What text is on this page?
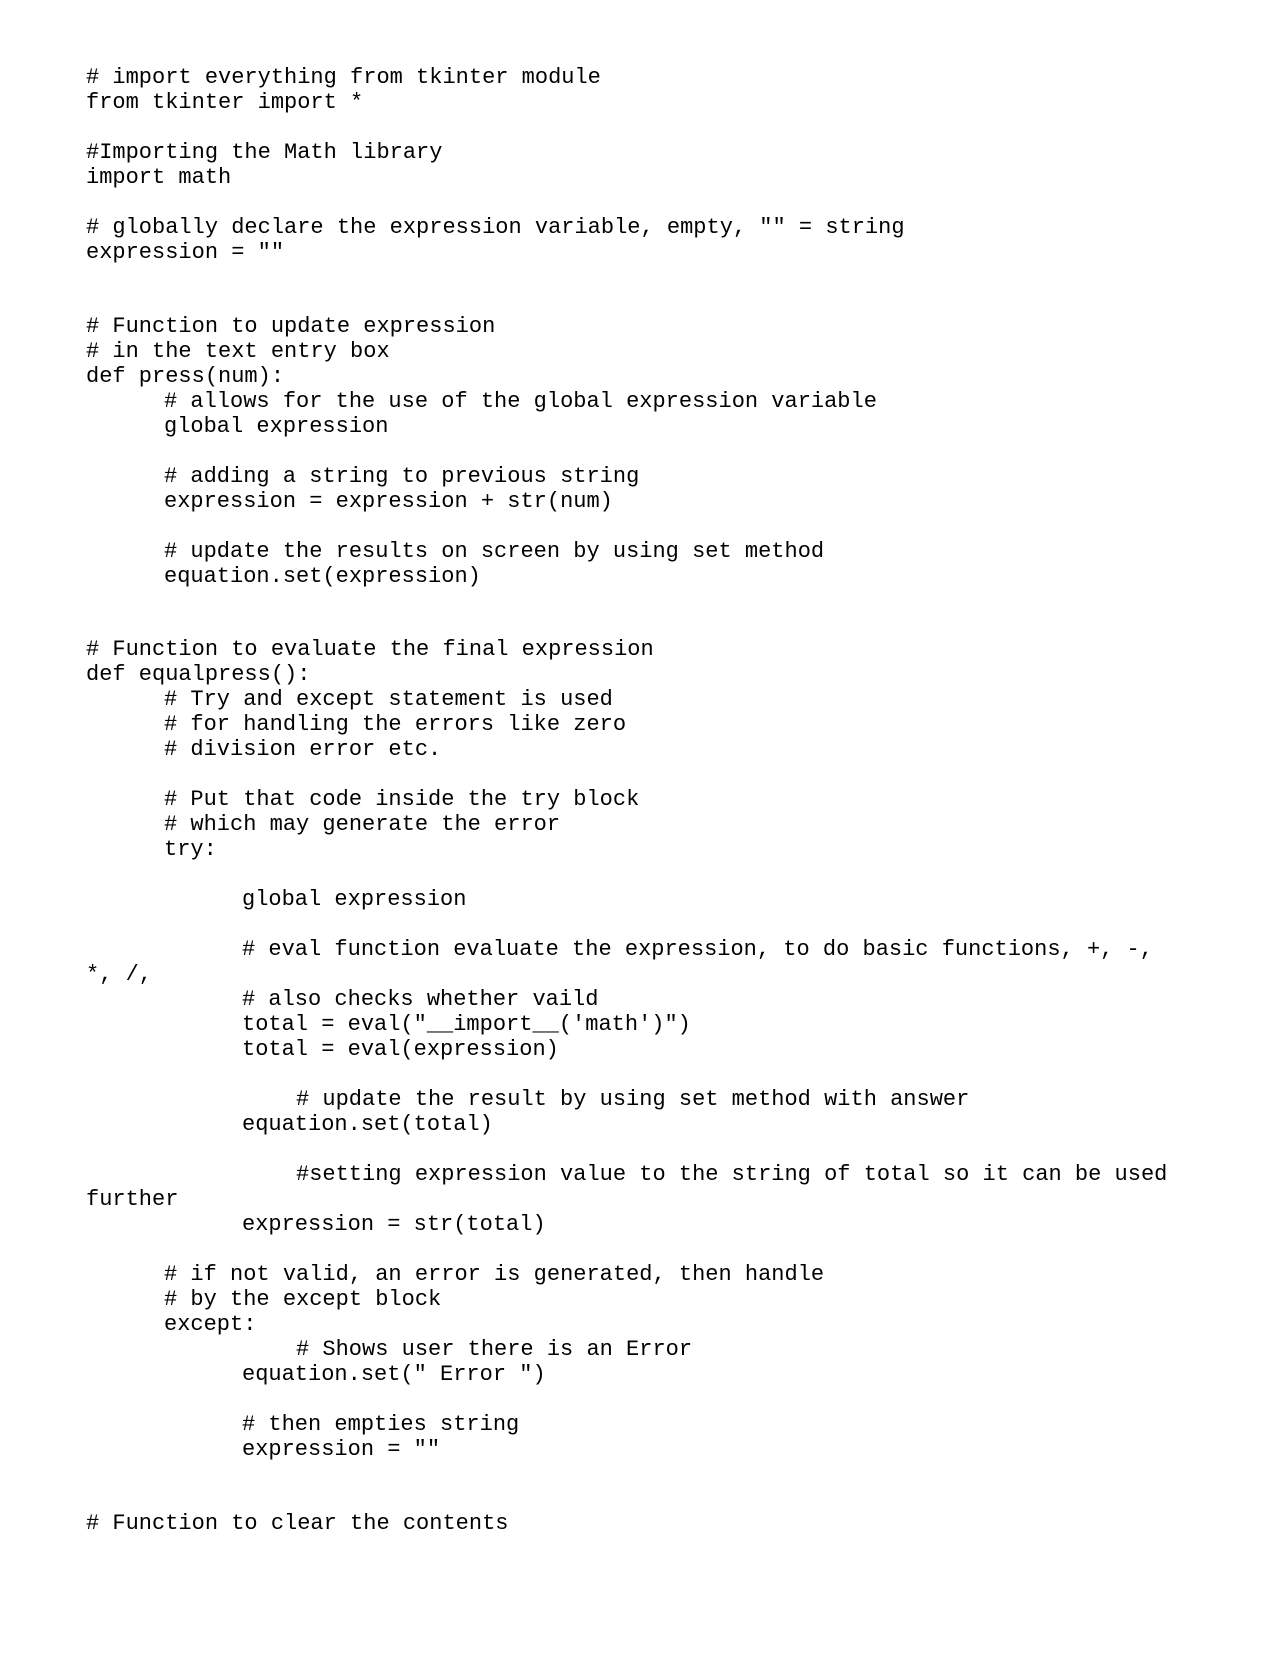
# import everything from tkinter module
from tkinter import *
#Importing the Math library
import math
# globally declare the expression variable, empty, "" = string
expression = ""
# Function to update expression
# in the text entry box
def press(num):
# allows for the use of the global expression variable
global expression
# adding a string to previous string
expression = expression + str(num)
# update the results on screen by using set method
equation.set(expression)
# Function to evaluate the final expression
def equalpress():
# Try and except statement is used
# for handling the errors like zero
# division error etc.
# Put that code inside the try block
# which may generate the error
try:
global expression
# eval function evaluate the expression, to do basic functions, +, -,
*, /,
# also checks whether vaild
total = eval("__import__('math')")
total = eval(expression)
# update the result by using set method with answer
equation.set(total)
#setting expression value to the string of total so it can be used
further
expression = str(total)
# if not valid, an error is generated, then handle
# by the except block
except:
# Shows user there is an Error
equation.set(" Error ")
# then empties string
expression = ""
# Function to clear the contents
